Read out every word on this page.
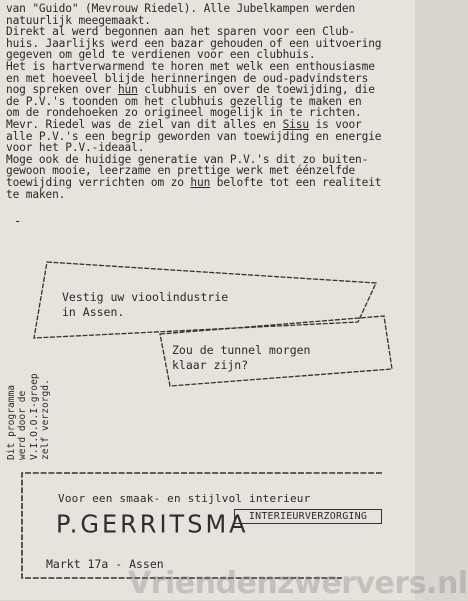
van "Guido" (Mevrouw Riedel). Alle Jubelkampen werden
natuurlijk meegemaakt.
Direkt al werd begonnen aan het sparen voor een Club-
huis. Jaarlijks werd een bazar gehouden of een uitvoering
gegeven om geld te verdienen voor een clubhuis.
Het is hartverwarmend te horen met welk een enthousiasme
en met hoeveel blijde herinneringen de oud-padvindsters
nog spreken over hun clubhuis en over de toewijding, die
de P.V.'s toonden om het clubhuis gezellig te maken en
om de rondehoeken zo origineel mogelijk in te richten.
Mevr. Riedel was de ziel van dit alles en Sisu is voor
alle P.V.'s een begrip geworden van toewijding en energie
voor het P.V.-ideaal.
Moge ook de huidige generatie van P.V.'s dit zo buiten-
gewoon mooie, leerzame en prettige werk met éénzelfde
toewijding verrichten om zo hun belofte tot een realiteit
te maken.
-
Vestig uw vioolindustrie
in Assen.
Zou de tunnel morgen
klaar zijn?
Dit programma werd door de V.I.O.O.I-groep zelf verzorgd.
Voor een smaak- en stijlvol interieur
P.GERRITSMA INTERIEURVERZORGING
Markt 17a - Assen
Vriendenzwervers.nl
